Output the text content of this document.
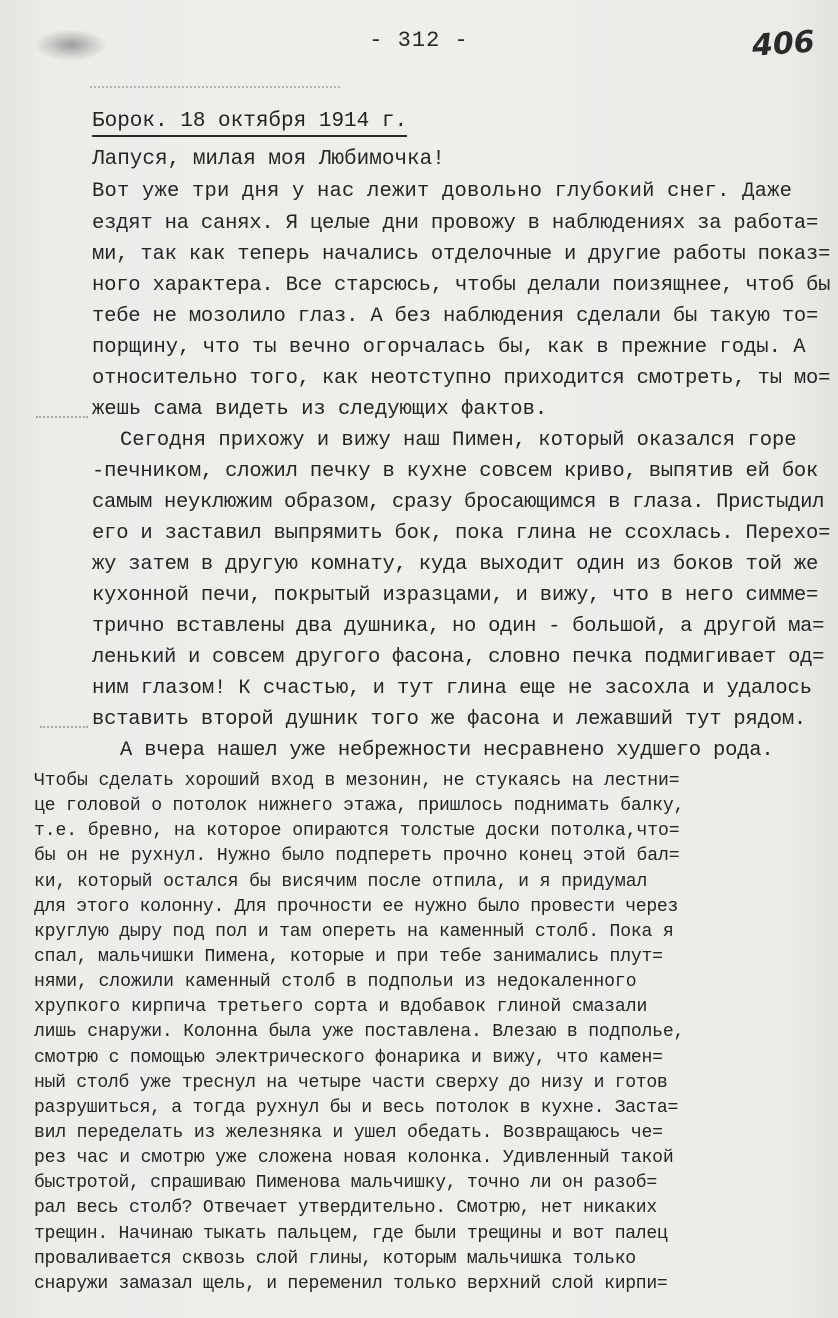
- 312 -	406
Борок. 18 октября 1914 г.
Лапуся, милая моя Любимочка!
Вот уже три дня у нас лежит довольно глубокий снег. Даже
ездят на санях. Я целые дни провожу в наблюдениях за работа=
ми, так как теперь начались отделочные и другие работы показ=
ного характера. Все старсюсь, чтобы делали поизящнее, чтоб бы
тебе не мозолило глаз. А без наблюдения сделали бы такую то=
порщину, что ты вечно огорчалась бы, как в прежние годы. А
относительно того, как неотступно приходится смотреть, ты мо=
жешь сама видеть из следующих фактов.
Сегодня прихожу и вижу наш Пимен, который оказался горе
-печником, сложил печку в кухне совсем криво, выпятив ей бок
самым неуклюжим образом, сразу бросающимся в глаза. Пристыдил
его и заставил выпрямить бок, пока глина не ссохлась. Перехо=
жу затем в другую комнату, куда выходит один из боков той же
кухонной печи, покрытый изразцами, и вижу, что в него симме=
трично вставлены два душника, но один - большой, а другой ма=
ленький и совсем другого фасона, словно печка подмигивает од=
ним глазом! К счастью, и тут глина еще не засохла и удалось
вставить второй душник того же фасона и лежавший тут рядом.
А вчера нашел уже небрежности несравнено худшего рода.
Чтобы сделать хороший вход в мезонин, не стукаясь на лестни=
це головой о потолок нижнего этажа, пришлось поднимать балку,
т.е. бревно, на которое опираются толстые доски потолка,что=
бы он не рухнул. Нужно было подпереть прочно конец этой бал=
ки, который остался бы висячим после отпила, и я придумал
для этого колонну. Для прочности ее нужно было провести через
круглую дыру под пол и там опереть на каменный столб. Пока я
спал, мальчишки Пимена, которые и при тебе занимались плут=
нями, сложили каменный столб в подпольи из недокаленного
хрупкого кирпича третьего сорта и вдобавок глиной смазали
лишь снаружи. Колонна была уже поставлена. Влезаю в подполье,
смотрю с помощью электрического фонарика и вижу, что камен=
ный столб уже треснул на четыре части сверху до низу и готов
разрушиться, а тогда рухнул бы и весь потолок в кухне. Заста=
вил переделать из железняка и ушел обедать. Возвращаюсь че=
рез час и смотрю уже сложена новая колонка. Удивленный такой
быстротой, спрашиваю Пименова мальчишку, точно ли он разоб=
рал весь столб? Отвечает утвердительно. Смотрю, нет никаких
трещин. Начинаю тыкать пальцем, где были трещины и вот палец
проваливается сквозь слой глины, которым мальчишка только
снаружи замазал щель, и переменил только верхний слой кирпи=
